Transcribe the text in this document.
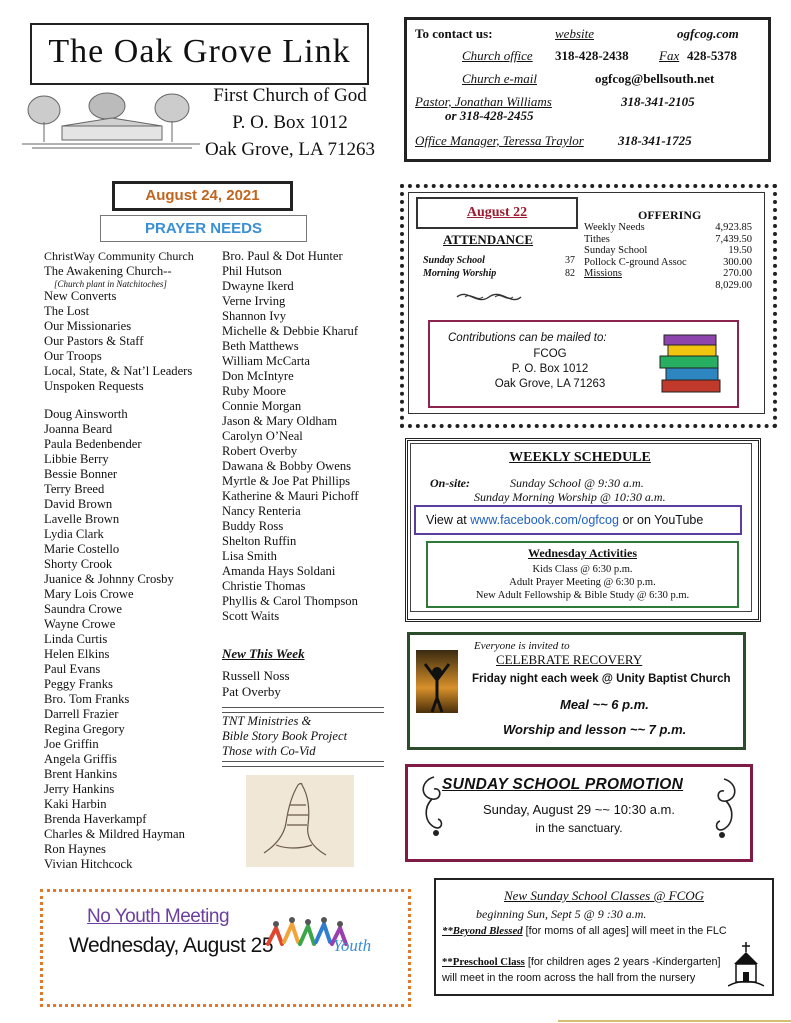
The Oak Grove Link
First Church of God
P. O. Box 1012
Oak Grove, LA 71263
To contact us:	website	ogfcog.com
Church office 318-428-2438 Fax 428-5378
Church e-mail	ogfcog@bellsouth.net
Pastor, Jonathan Williams	318-341-2105
or 318-428-2455
Office Manager, Teressa Traylor	318-341-1725
August 24, 2021
PRAYER NEEDS
ChristWay Community Church
The Awakening Church--
[Church plant in Natchitoches]
New Converts
The Lost
Our Missionaries
Our Pastors & Staff
Our Troops
Local, State, & Nat’l Leaders
Unspoken Requests
Doug Ainsworth
Joanna Beard
Paula Bedenbender
Libbie Berry
Bessie Bonner
Terry Breed
David Brown
Lavelle Brown
Lydia Clark
Marie Costello
Shorty Crook
Juanice & Johnny Crosby
Mary Lois Crowe
Saundra Crowe
Wayne Crowe
Linda Curtis
Helen Elkins
Paul Evans
Peggy Franks
Bro. Tom Franks
Darrell Frazier
Regina Gregory
Joe Griffin
Angela Griffis
Brent Hankins
Jerry Hankins
Kaki Harbin
Brenda Haverkampf
Charles & Mildred Hayman
Ron Haynes
Vivian Hitchcock
Bro. Paul & Dot Hunter
Phil Hutson
Dwayne Ikerd
Verne Irving
Shannon Ivy
Michelle & Debbie Kharuf
Beth Matthews
William McCarta
Don McIntyre
Ruby Moore
Connie Morgan
Jason & Mary Oldham
Carolyn O’Neal
Robert Overby
Dawana & Bobby Owens
Myrtle & Joe Pat Phillips
Katherine & Mauri Pichoff
Nancy Renteria
Buddy Ross
Shelton Ruffin
Lisa Smith
Amanda Hays Soldani
Christie Thomas
Phyllis & Carol Thompson
Scott Waits
New This Week
Russell Noss
Pat Overby
TNT Ministries &
Bible Story Book Project
Those with Co-Vid
August 22
ATTENDANCE
Sunday School	37
Morning Worship	82
OFFERING
Weekly Needs	4,923.85
Tithes	7,439.50
Sunday School	19.50
Pollock C-ground Assoc	300.00
Missions	270.00
8,029.00
Contributions can be mailed to:
FCOG
P. O. Box 1012
Oak Grove, LA 71263
WEEKLY SCHEDULE
On-site:	Sunday School @ 9:30 a.m.
Sunday Morning Worship @ 10:30 a.m.
View at www.facebook.com/ogfcog or on YouTube
Wednesday Activities
Kids Class @ 6:30 p.m.
Adult Prayer Meeting @ 6:30 p.m.
New Adult Fellowship & Bible Study @ 6:30 p.m.
Everyone is invited to
CELEBRATE RECOVERY
Friday night each week @ Unity Baptist Church
Meal ~~ 6 p.m.
Worship and lesson ~~ 7 p.m.
SUNDAY SCHOOL PROMOTION
Sunday, August 29 ~~ 10:30 a.m.
in the sanctuary.
New Sunday School Classes @ FCOG
beginning Sun, Sept 5 @ 9 :30 a.m.
**Beyond Blessed [for moms of all ages] will meet in the FLC
**Preschool Class [for children ages 2 years -Kindergarten]
will meet in the room across the hall from the nursery
No Youth Meeting
Wednesday, August 25	Youth
